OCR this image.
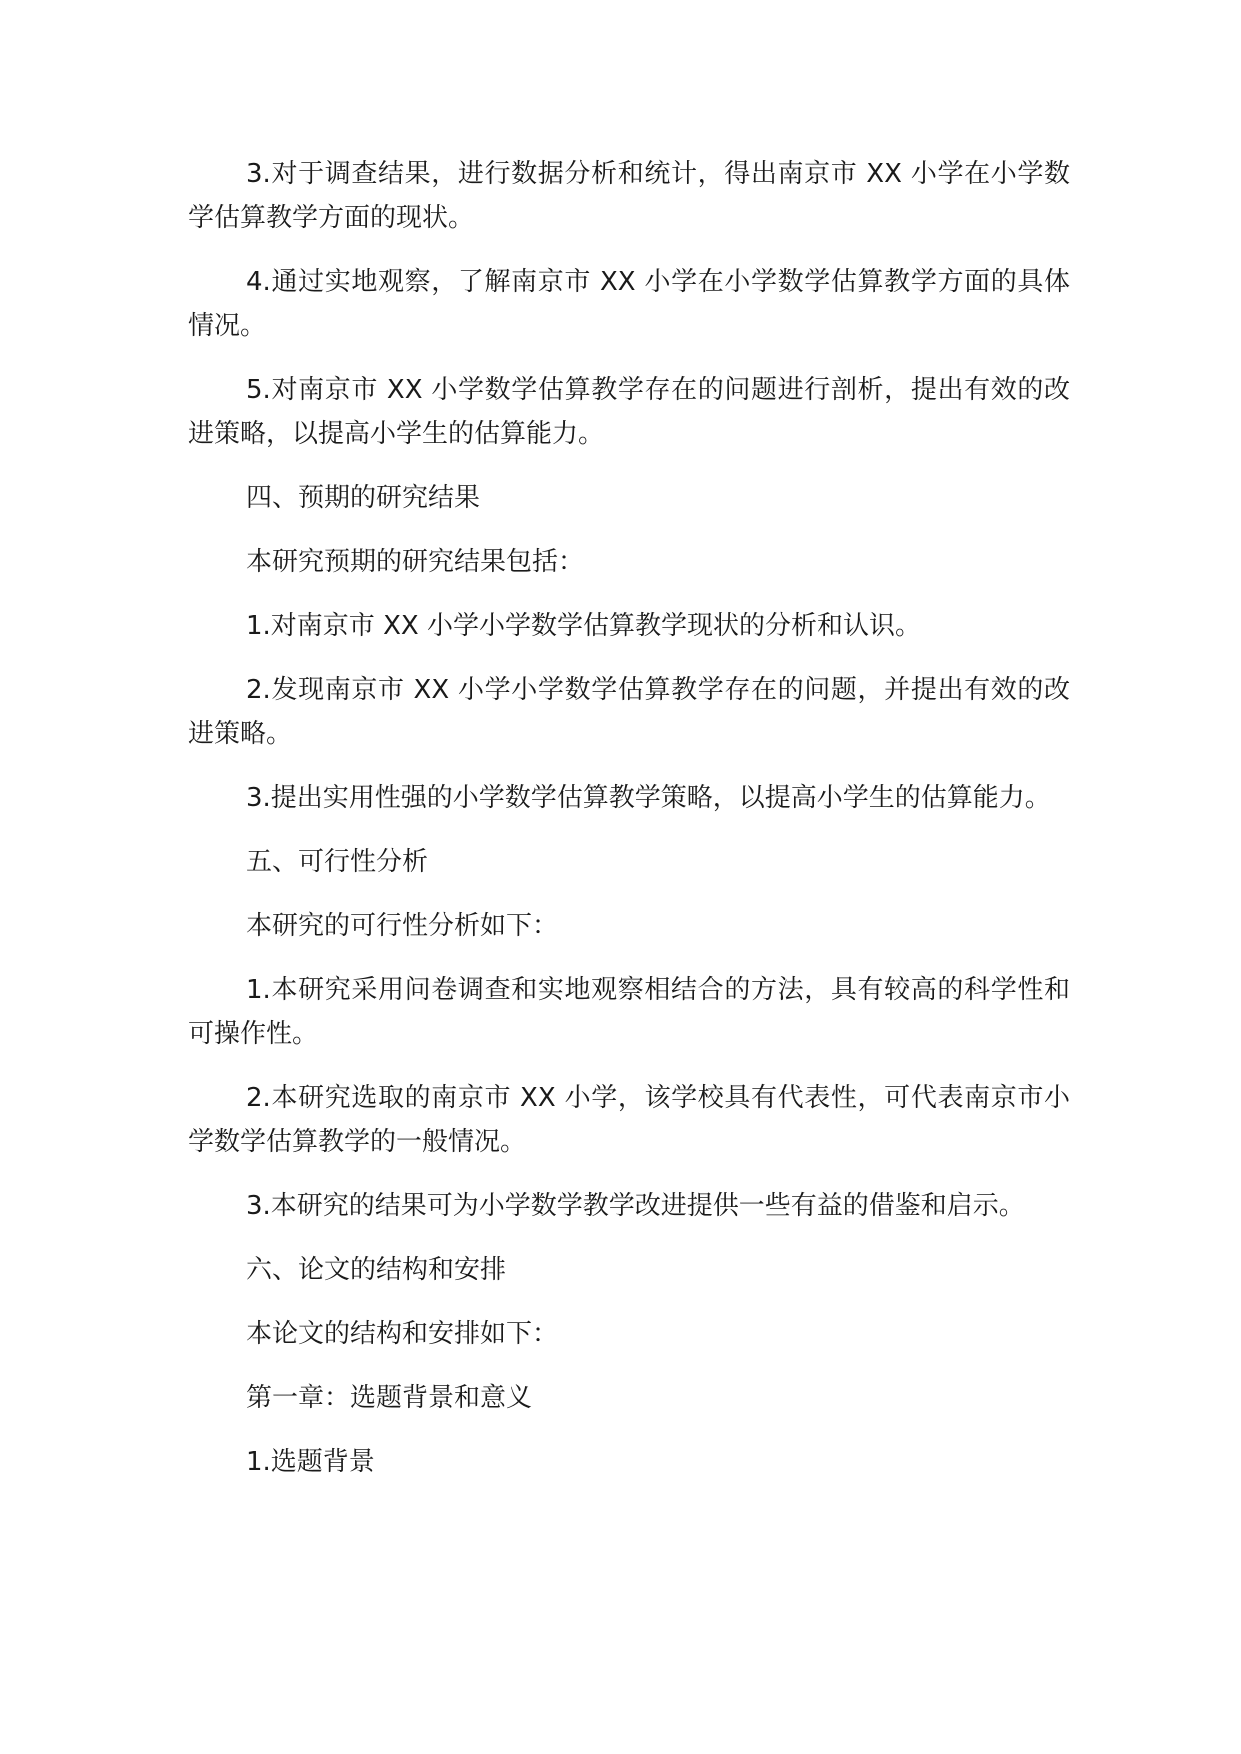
3.对于调查结果，进行数据分析和统计，得出南京市 XX 小学在小学数学估算教学方面的现状。

4.通过实地观察，了解南京市 XX 小学在小学数学估算教学方面的具体情况。

5.对南京市 XX 小学数学估算教学存在的问题进行剖析，提出有效的改进策略，以提高小学生的估算能力。

四、预期的研究结果

本研究预期的研究结果包括：

1.对南京市 XX 小学小学数学估算教学现状的分析和认识。

2.发现南京市 XX 小学小学数学估算教学存在的问题，并提出有效的改进策略。

3.提出实用性强的小学数学估算教学策略，以提高小学生的估算能力。

五、可行性分析

本研究的可行性分析如下：

1.本研究采用问卷调查和实地观察相结合的方法，具有较高的科学性和可操作性。

2.本研究选取的南京市 XX 小学，该学校具有代表性，可代表南京市小学数学估算教学的一般情况。

3.本研究的结果可为小学数学教学改进提供一些有益的借鉴和启示。

六、论文的结构和安排

本论文的结构和安排如下：

第一章：选题背景和意义

1.选题背景
